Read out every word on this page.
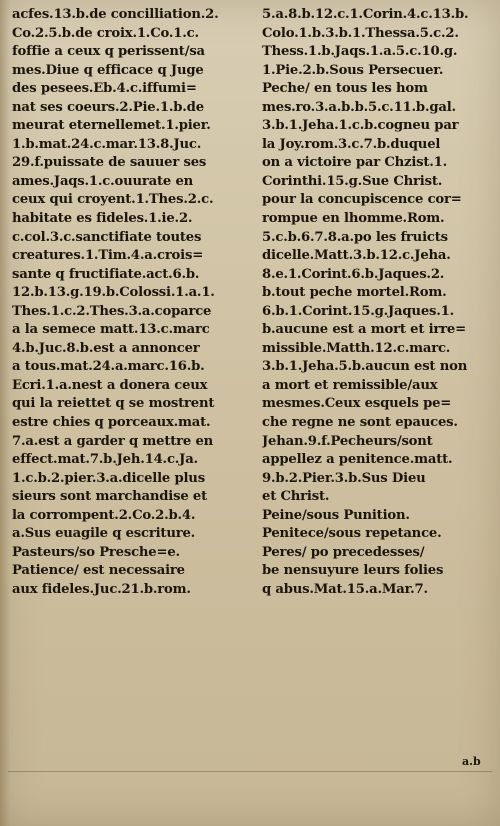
acfes.13.b.de concilliation.2.
Co.2.5.b.de croix.1.Co.1.c.
foffie a ceux q perissent/sa
mes.Diue q efficace q Juge
des pesees.Eb.4.c.iffumi=
nat ses coeurs.2.Pie.1.b.de
meurat eternellemet.1.pier.
1.b.mat.24.c.mar.13.8.Juc.
29.f.puissate de sauuer ses
ames.Jaqs.1.c.ouurate en
ceux qui croyent.1.Thes.2.c.
habitate es fideles.1.ie.2.
c.col.3.c.sanctifiate toutes
creatures.1.Tim.4.a.crois=
sante q fructifiate.act.6.b.
12.b.13.g.19.b.Colossi.1.a.1.
Thes.1.c.2.Thes.3.a.coparce
a la semece matt.13.c.marc
4.b.Juc.8.b.est a annoncer
a tous.mat.24.a.marc.16.b.
Ecri.1.a.nest a donera ceux
qui la reiettet q se mostrent
estre chies q porceaux.mat.
7.a.est a garder q mettre en
effect.mat.7.b.Jeh.14.c.Ja.
1.c.b.2.pier.3.a.dicelle plus
sieurs sont marchandise et
la corrompent.2.Co.2.b.4.
a.Sus euagile q escriture.
Pasteurs/so Presche=e.
Patience/ est necessaire
aux fideles.Juc.21.b.rom.
5.a.8.b.12.c.1.Corin.4.c.13.b.
Colo.1.b.3.b.1.Thessa.5.c.2.
Thess.1.b.Jaqs.1.a.5.c.10.g.
1.Pie.2.b.Sous Persecuer.
Peche/ en tous les hom
mes.ro.3.a.b.b.5.c.11.b.gal.
3.b.1.Jeha.1.c.b.cogneu par
la Joy.rom.3.c.7.b.duquel
on a victoire par Chzist.1.
Corinthi.15.g.Sue Christ.
pour la concupiscence cor=
rompue en lhomme.Rom.
5.c.b.6.7.8.a.po les fruicts
dicelle.Matt.3.b.12.c.Jeha.
8.e.1.Corint.6.b.Jaques.2.
b.tout peche mortel.Rom.
6.b.1.Corint.15.g.Jaques.1.
b.aucune est a mort et irre=
missible.Matth.12.c.marc.
3.b.1.Jeha.5.b.aucun est non
a mort et remissible/aux
mesmes.Ceux esquels pe=
che regne ne sont epauces.
Jehan.9.f.Pecheurs/sont
appellez a penitence.matt.
9.b.2.Pier.3.b.Sus Dieu
et Christ.
Peine/sous Punition.
Penitece/sous repetance.
Peres/ po precedesses/
be nensuyure leurs folies
q abus.Mat.15.a.Mar.7.
a.b
